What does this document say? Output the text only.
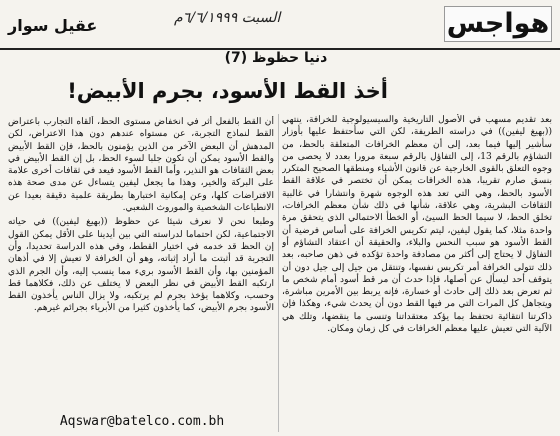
هواجس
السبت ٦/٦/١٩٩٩م
عقيل سوار
دنيا حظوظ (7)
أخذ القط الأسود، بجرم الأبيض!

بعد تقديم مسهب في الأصول التاريخية والسيسيولوجية للخرافة، ينتهي ((بهيغ ليفين)) في دراسته الطريفة، لكن التي سأحتفظ عليها بأوزار سأشير إليها فيما بعد، إلى أن معظم الخرافات المتعلقة بالحظ، من التشاؤم بالرقم 13، إلى التفاؤل بالرقم سبعة مرورا بعدد لا يحصى من وجوه التعلق بالقوى الخارجية عن قانون الأشياء ومنطقها الصحيح المتكرر بنسق صارم تقريبا، هذه الخرافات يمكن أن تختصر في علاقة القط الأسود بالحظ، وهي التي تعد هذه الوجوه شهرة وانتشارا في غالبية الثقافات البشرية، وهي علاقة، شأنها في ذلك شأن معظم الخرافات، تخلق الحظ، لا سيما الحظ السيئ، أو الخطأ الاحتمالي الذي يتحقق مرة واحدة مثلا، كما يقول ليفين، ليتم تكريس الخرافة على أساس فرضية أن القط الأسود هو سبب النحس والبلاء، والحقيقة أن اعتقاد التشاؤم أو التفاؤل لا يحتاج إلى أكثر من مصادفة واحدة تؤكده في ذهن صاحبه، بعد ذلك تتولى الخرافة أمر تكريس نفسها، وتنتقل من جيل إلى جيل دون أن يتوقف أحد ليسأل عن أصلها، فإذا حدث أن مر قط أسود أمام شخص ما ثم تعرض بعد ذلك إلى حادث أو خسارة، فإنه يربط بين الأمرين مباشرة، ويتجاهل كل المرات التي مر فيها القط دون أن يحدث شيء، وهكذا فإن ذاكرتنا انتقائية تحتفظ بما يؤكد معتقداتنا وتنسى ما ينقضها، وتلك هي الآلية التي تعيش عليها معظم الخرافات في كل زمان ومكان.

أن القط بالفعل أثر في انخفاض مستوى الحظ، ألقاه التجارب باعتراض القط لنماذج التجربة، عن مستواه عندهم دون هذا الاعتراض، لكن المدهش أن البعض الآخر من الذين يؤمنون بالحظ، فإن القط الأبيض والقط الأسود يمكن أن تكون جلبا لسوء الحظ، بل إن القط الأبيض في بعض الثقافات هو النذير، وأما القط الأسود فيعد في ثقافات أخرى علامة على البركة والخير، وهذا ما يجعل ليفين يتساءل عن مدى صحة هذه الافتراضات كلها، وعن إمكانية اختبارها بطريقة علمية دقيقة بعيدا عن الانطباعات الشخصية والموروث الشعبي.

وطبعا نحن لا نعرف شيئا عن حظوظ ((بهيغ ليفين)) في حياته الاجتماعية، لكن احتماما لدراسته التي بين أيدينا على الأقل يمكن القول إن الحظ قد خدمه في اختيار القطط، وفي هذه الدراسة تحديدا، وأن التجربة قد أثبتت ما أراد إثباته، وهو أن الخرافة لا تعيش إلا في أذهان المؤمنين بها، وأن القط الأسود بريء مما ينسب إليه، وأن الجرم الذي ارتكبه القط الأبيض في نظر البعض لا يختلف عن ذلك، فكلاهما قط وحسب، وكلاهما يؤخذ بجرم لم يرتكبه، ولا يزال الناس يأخذون القط الأسود بجرم الأبيض، كما يأخذون كثيرا من الأبرياء بجرائم غيرهم.

Aqswar@batelco.com.bh
